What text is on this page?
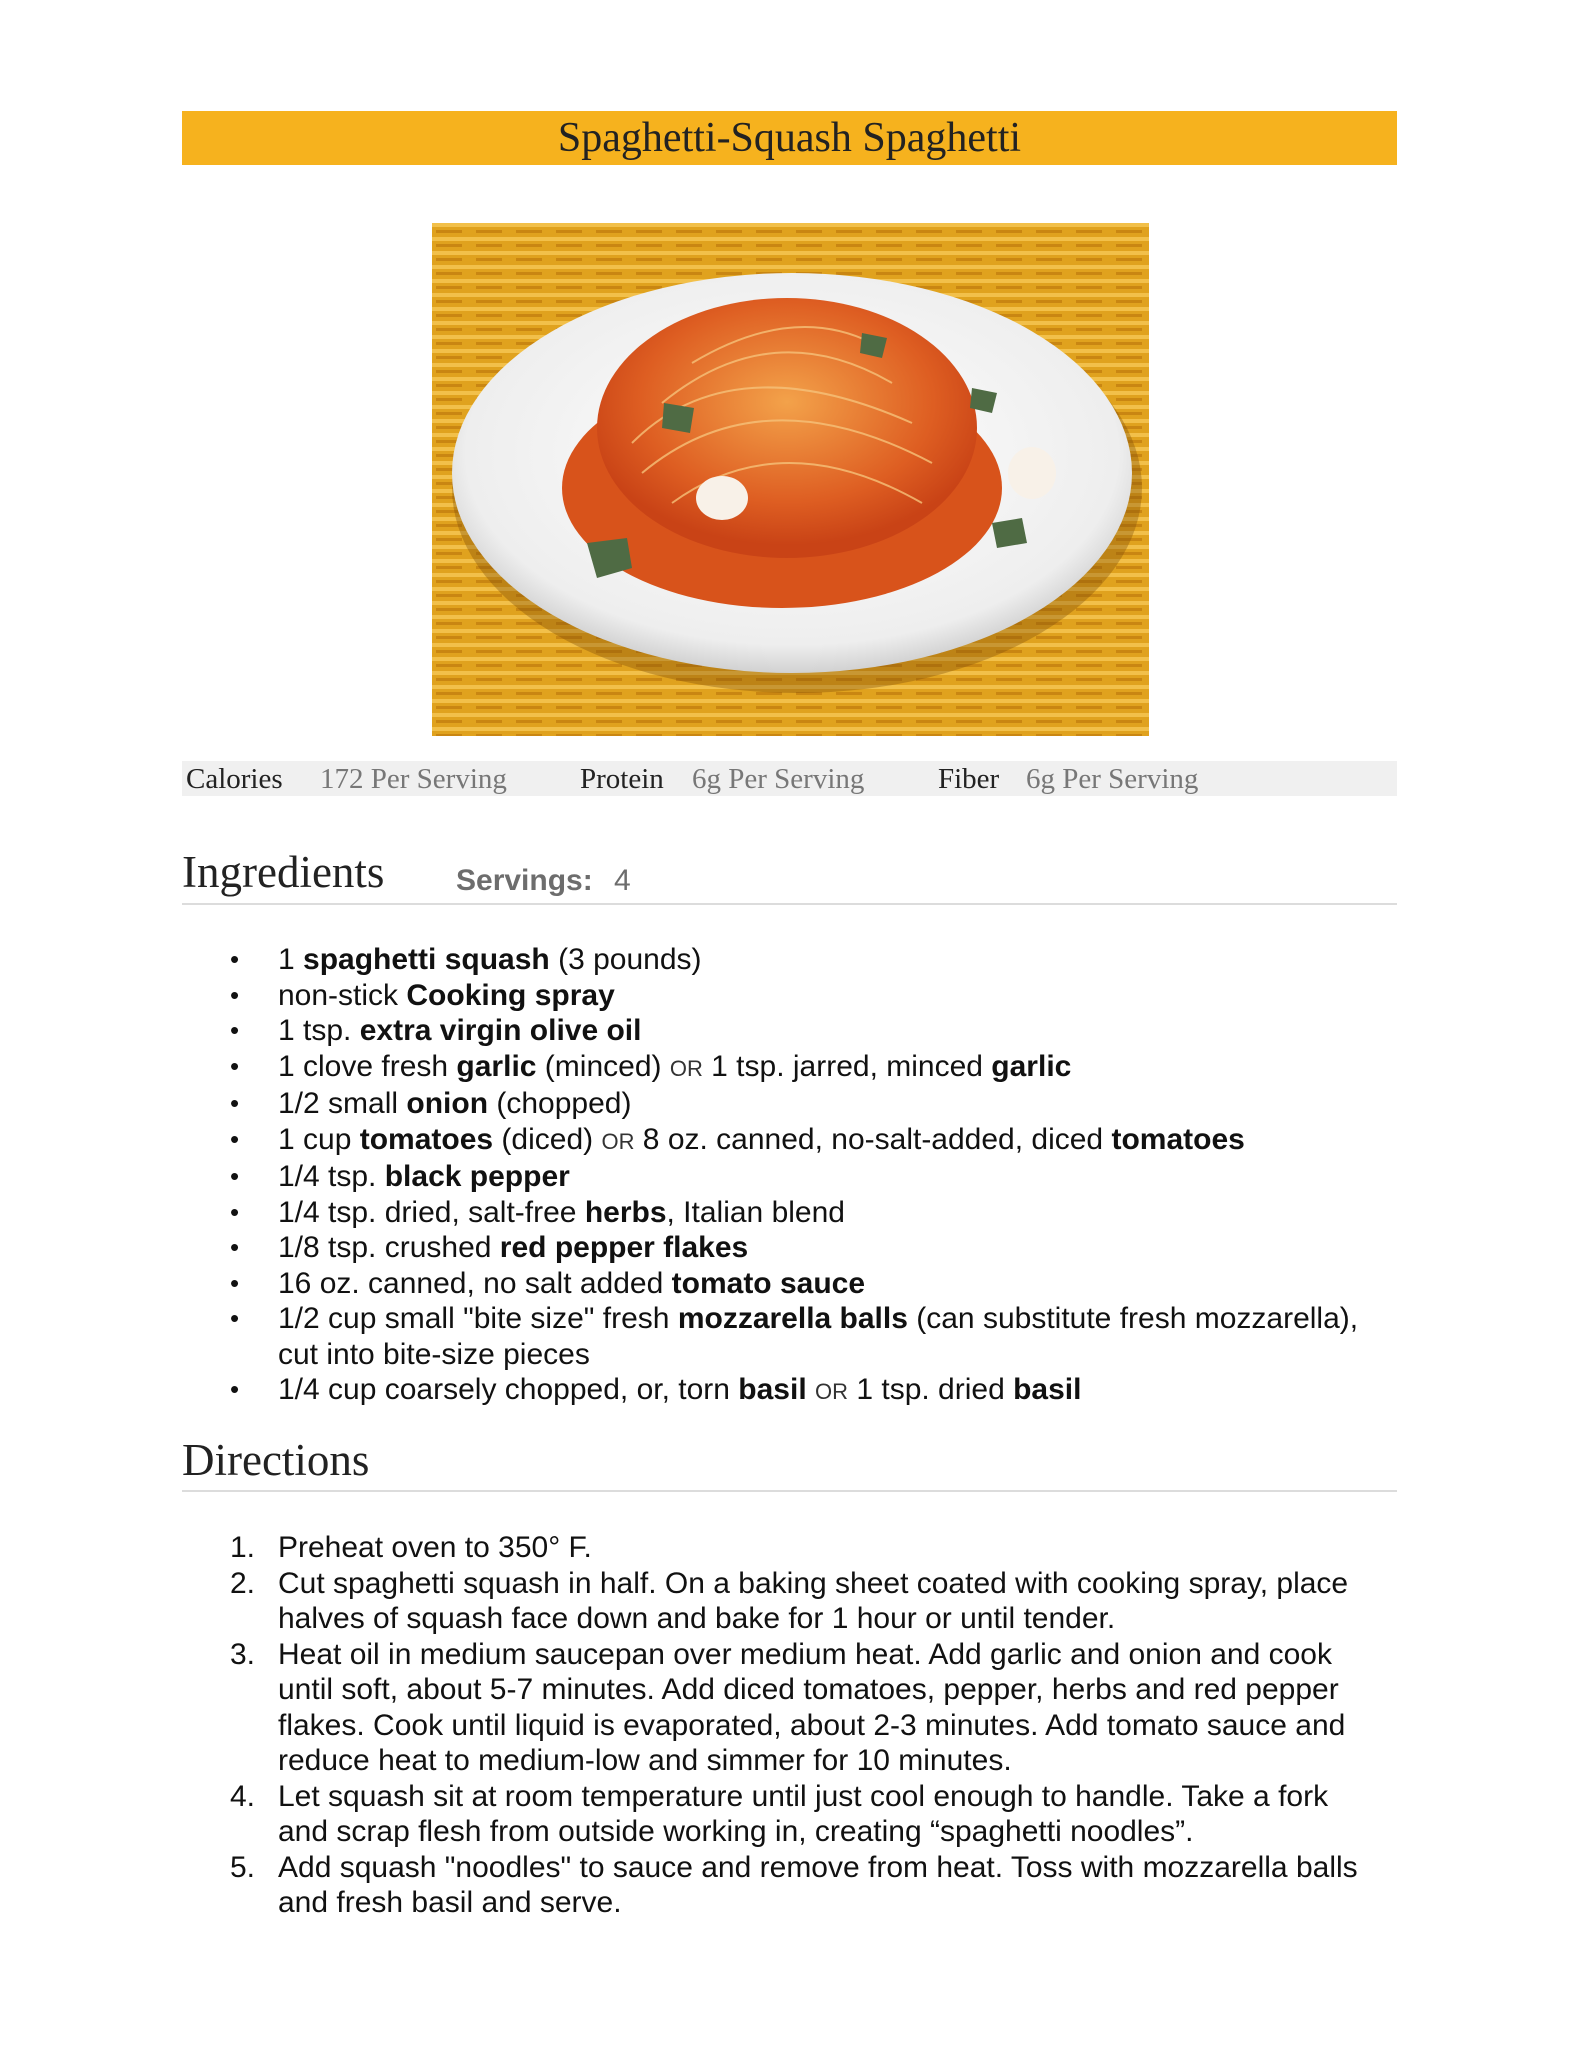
Spaghetti-Squash Spaghetti
Calories 172 Per Serving	Protein 6g Per Serving	Fiber 6g Per Serving
Ingredients Servings: 4
• 1 spaghetti squash (3 pounds)
• non-stick Cooking spray
• 1 tsp. extra virgin olive oil
• 1 clove fresh garlic (minced) OR 1 tsp. jarred, minced garlic
• 1/2 small onion (chopped)
• 1 cup tomatoes (diced) OR 8 oz. canned, no-salt-added, diced tomatoes
• 1/4 tsp. black pepper
• 1/4 tsp. dried, salt-free herbs, Italian blend
• 1/8 tsp. crushed red pepper flakes
• 16 oz. canned, no salt added tomato sauce
• 1/2 cup small "bite size" fresh mozzarella balls (can substitute fresh mozzarella), cut into bite-size pieces
• 1/4 cup coarsely chopped, or, torn basil OR 1 tsp. dried basil
Directions
1. Preheat oven to 350° F.
2. Cut spaghetti squash in half. On a baking sheet coated with cooking spray, place halves of squash face down and bake for 1 hour or until tender.
3. Heat oil in medium saucepan over medium heat. Add garlic and onion and cook until soft, about 5-7 minutes. Add diced tomatoes, pepper, herbs and red pepper flakes. Cook until liquid is evaporated, about 2-3 minutes. Add tomato sauce and reduce heat to medium-low and simmer for 10 minutes.
4. Let squash sit at room temperature until just cool enough to handle. Take a fork and scrap flesh from outside working in, creating “spaghetti noodles”.
5. Add squash "noodles" to sauce and remove from heat. Toss with mozzarella balls and fresh basil and serve.
